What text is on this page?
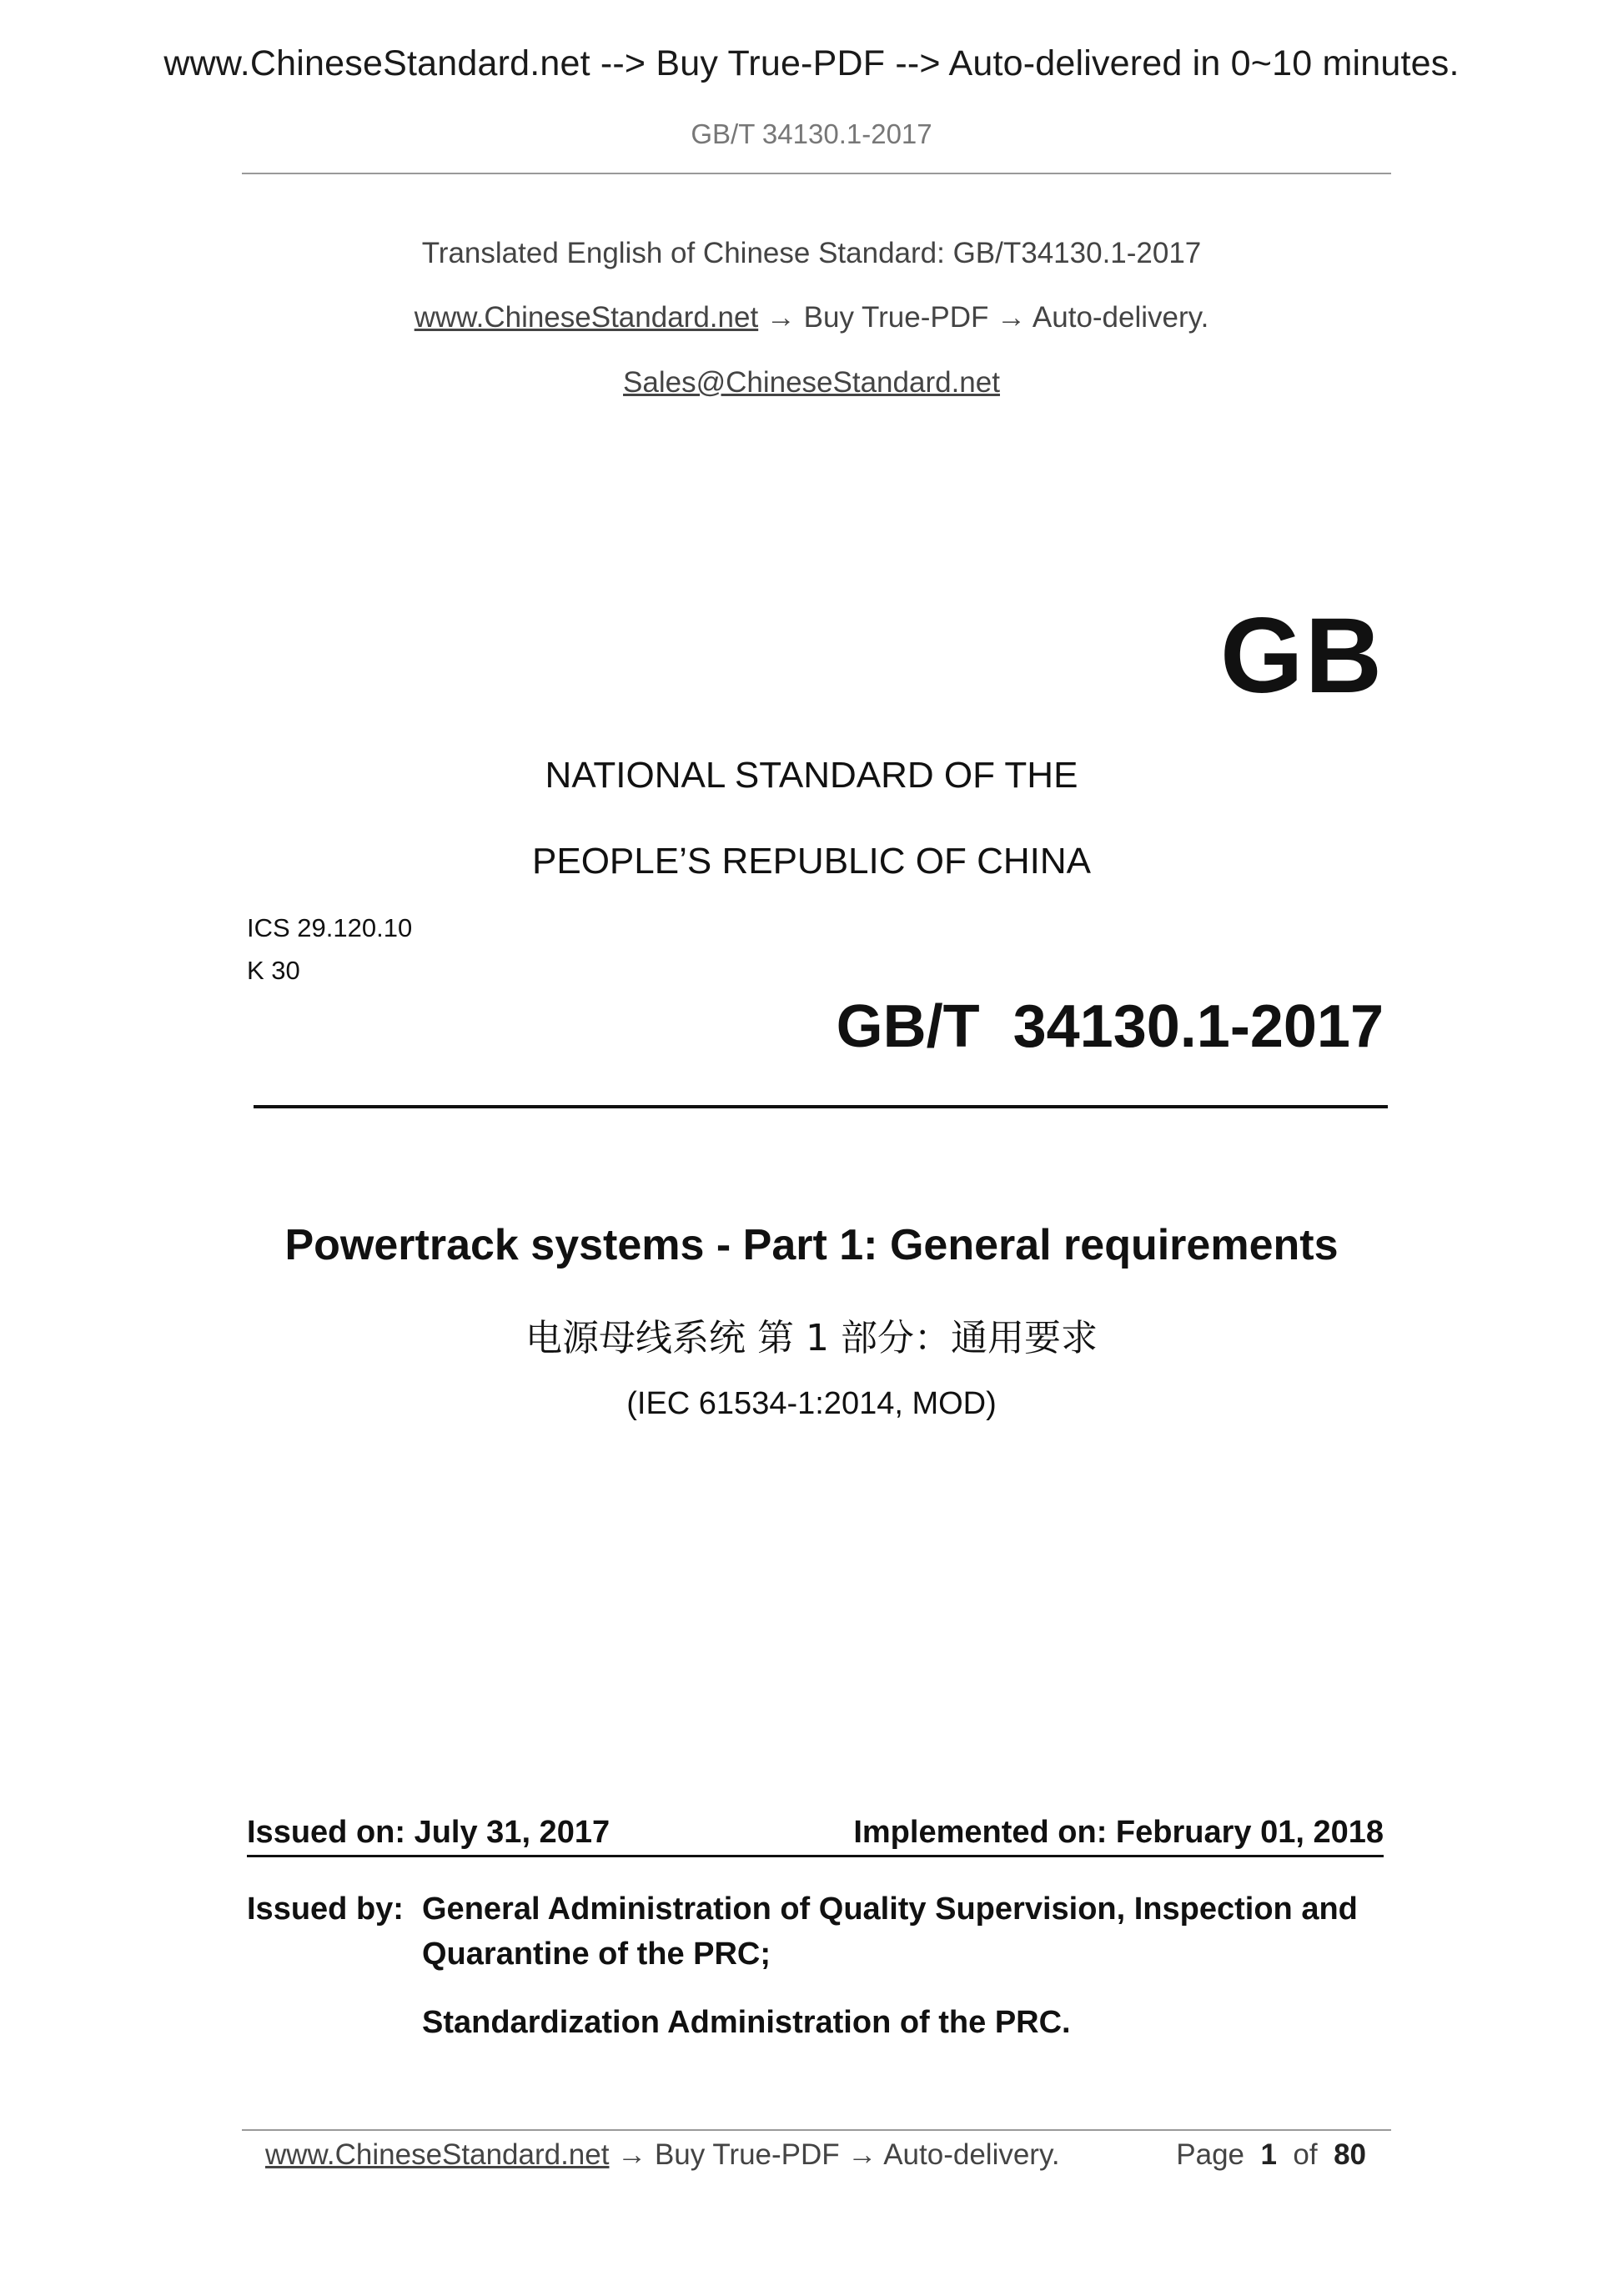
www.ChineseStandard.net --> Buy True-PDF --> Auto-delivered in 0~10 minutes.
GB/T 34130.1-2017
Translated English of Chinese Standard: GB/T34130.1-2017
www.ChineseStandard.net → Buy True-PDF → Auto-delivery.
Sales@ChineseStandard.net
GB
NATIONAL STANDARD OF THE
PEOPLE’S REPUBLIC OF CHINA
ICS 29.120.10
K 30
GB/T  34130.1-2017
Powertrack systems - Part 1: General requirements
电源母线系统 第 1 部分：通用要求
(IEC 61534-1:2014, MOD)
Issued on: July 31, 2017	Implemented on: February 01, 2018
Issued by: General Administration of Quality Supervision, Inspection and
Quarantine of the PRC;
Standardization Administration of the PRC.
www.ChineseStandard.net → Buy True-PDF → Auto-delivery.	Page 1 of 80
